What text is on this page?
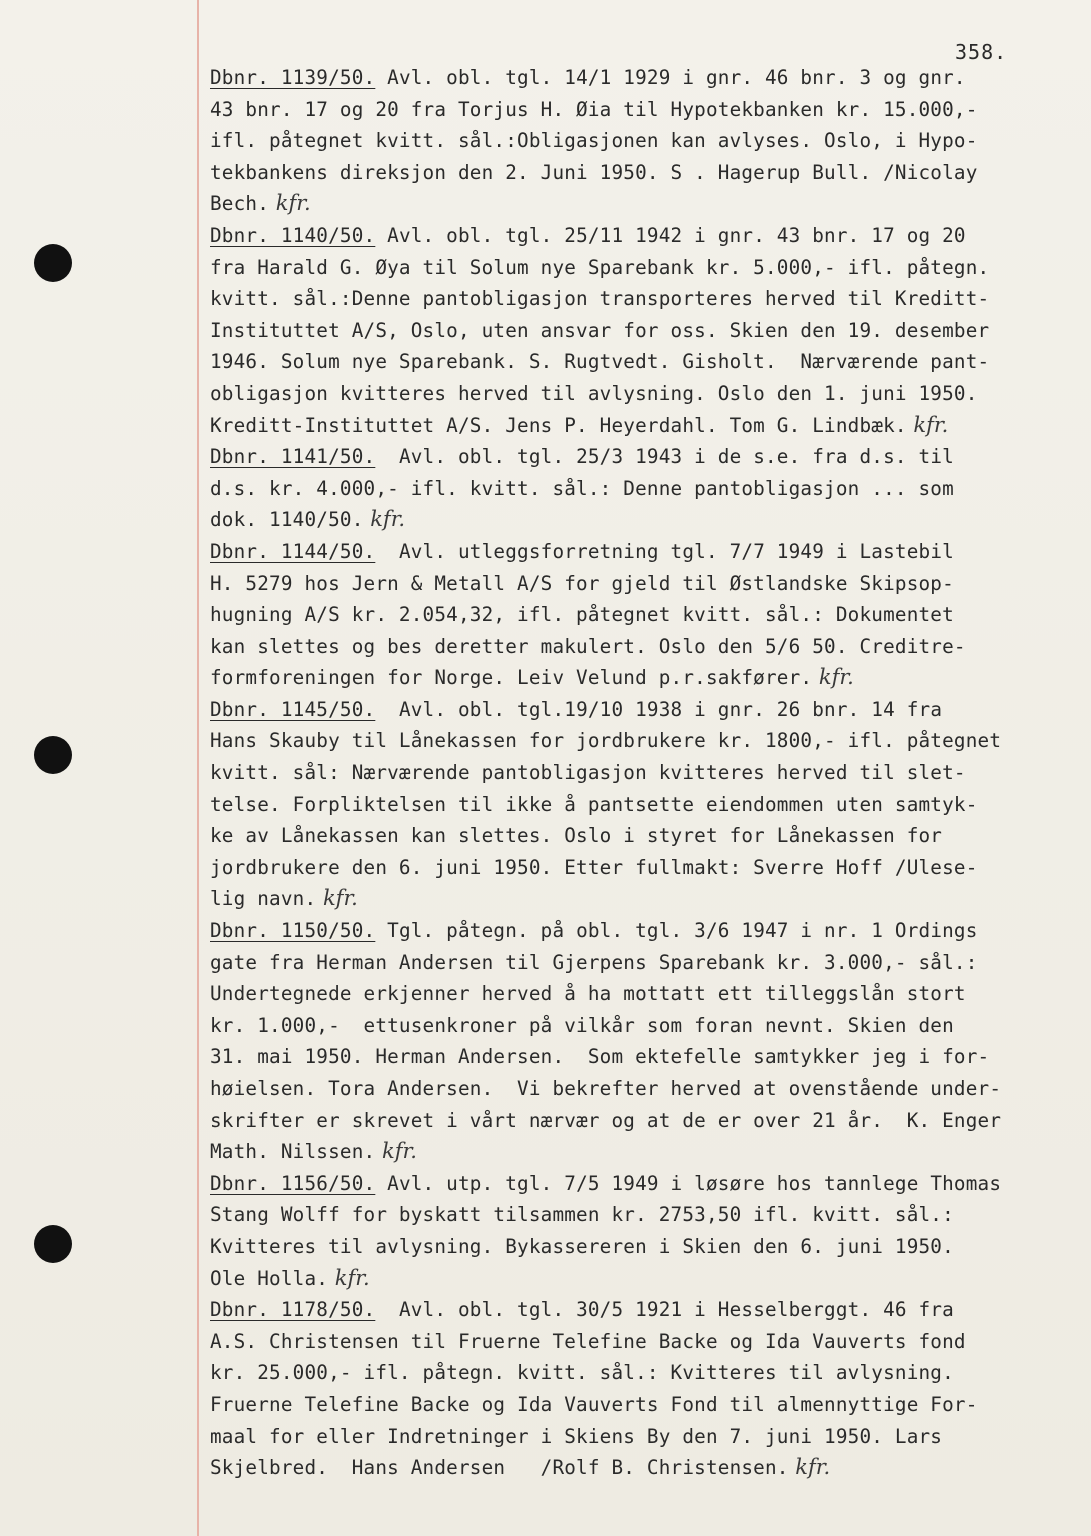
358.
Dbnr. 1139/50. Avl. obl. tgl. 14/1 1929 i gnr. 46 bnr. 3 og gnr.
43 bnr. 17 og 20 fra Torjus H. Øia til Hypotekbanken kr. 15.000,-
ifl. påtegnet kvitt. sål.:Obligasjonen kan avlyses. Oslo, i Hypo-
tekbankens direksjon den 2. Juni 1950. S . Hagerup Bull. /Nicolay
Bech. kfr.
Dbnr. 1140/50. Avl. obl. tgl. 25/11 1942 i gnr. 43 bnr. 17 og 20
fra Harald G. Øya til Solum nye Sparebank kr. 5.000,- ifl. påtegn.
kvitt. sål.:Denne pantobligasjon transporteres herved til Kreditt-
Instituttet A/S, Oslo, uten ansvar for oss. Skien den 19. desember
1946. Solum nye Sparebank. S. Rugtvedt. Gisholt.  Nærværende pant-
obligasjon kvitteres herved til avlysning. Oslo den 1. juni 1950.
Kreditt-Instituttet A/S. Jens P. Heyerdahl. Tom G. Lindbæk. kfr.
Dbnr. 1141/50.  Avl. obl. tgl. 25/3 1943 i de s.e. fra d.s. til
d.s. kr. 4.000,- ifl. kvitt. sål.: Denne pantobligasjon ... som
dok. 1140/50. kfr.
Dbnr. 1144/50.  Avl. utleggsforretning tgl. 7/7 1949 i Lastebil
H. 5279 hos Jern & Metall A/S for gjeld til Østlandske Skipsop-
hugning A/S kr. 2.054,32, ifl. påtegnet kvitt. sål.: Dokumentet
kan slettes og bes deretter makulert. Oslo den 5/6 50. Creditre-
formforeningen for Norge. Leiv Velund p.r.sakfører. kfr.
Dbnr. 1145/50.  Avl. obl. tgl.19/10 1938 i gnr. 26 bnr. 14 fra
Hans Skauby til Lånekassen for jordbrukere kr. 1800,- ifl. påtegnet
kvitt. sål: Nærværende pantobligasjon kvitteres herved til slet-
telse. Forpliktelsen til ikke å pantsette eiendommen uten samtyk-
ke av Lånekassen kan slettes. Oslo i styret for Lånekassen for
jordbrukere den 6. juni 1950. Etter fullmakt: Sverre Hoff /Ulese-
lig navn. kfr.
Dbnr. 1150/50. Tgl. påtegn. på obl. tgl. 3/6 1947 i nr. 1 Ordings
gate fra Herman Andersen til Gjerpens Sparebank kr. 3.000,- sål.:
Undertegnede erkjenner herved å ha mottatt ett tilleggslån stort
kr. 1.000,-  ettusenkroner på vilkår som foran nevnt. Skien den
31. mai 1950. Herman Andersen.  Som ektefelle samtykker jeg i for-
høielsen. Tora Andersen.  Vi bekrefter herved at ovenstående under-
skrifter er skrevet i vårt nærvær og at de er over 21 år.  K. Enger
Math. Nilssen. kfr.
Dbnr. 1156/50. Avl. utp. tgl. 7/5 1949 i løsøre hos tannlege Thomas
Stang Wolff for byskatt tilsammen kr. 2753,50 ifl. kvitt. sål.:
Kvitteres til avlysning. Bykassereren i Skien den 6. juni 1950.
Ole Holla. kfr.
Dbnr. 1178/50.  Avl. obl. tgl. 30/5 1921 i Hesselberggt. 46 fra
A.S. Christensen til Fruerne Telefine Backe og Ida Vauverts fond
kr. 25.000,- ifl. påtegn. kvitt. sål.: Kvitteres til avlysning.
Fruerne Telefine Backe og Ida Vauverts Fond til almennyttige For-
maal for eller Indretninger i Skiens By den 7. juni 1950. Lars
Skjelbred.  Hans Andersen   /Rolf B. Christensen. kfr.
